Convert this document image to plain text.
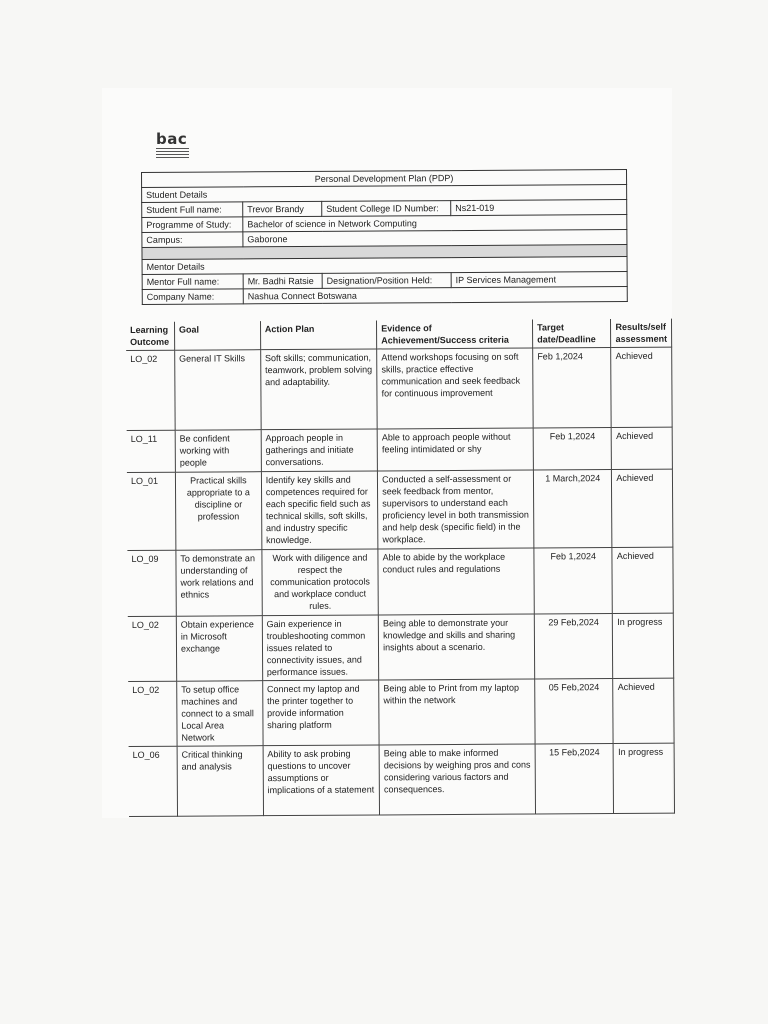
bac
Personal Development Plan (PDP)			
Student Details			
Student Full name:	Trevor Brandy	Student College ID Number:	Ns21-019
Programme of Study:	Bachelor of science in Network Computing		
Campus:	Gaborone		

Mentor Details			
Mentor Full name:	Mr. Badhi Ratsie	Designation/Position Held:	IP Services Management
Company Name:	Nashua Connect Botswana		
Learning Outcome	Goal	Action Plan	Evidence of Achievement/Success criteria	Target date/Deadline	Results/self assessment
LO_02	General IT Skills	Soft skills; communication, teamwork, problem solving and adaptability.	Attend workshops focusing on soft skills, practice effective communication and seek feedback for continuous improvement	Feb 1,2024	Achieved
LO_11	Be confident working with people	Approach people in gatherings and initiate conversations.	Able to approach people without feeling intimidated or shy	Feb 1,2024	Achieved
LO_01	Practical skills appropriate to a discipline or profession	Identify key skills and competences required for each specific field such as technical skills, soft skills, and industry specific knowledge.	Conducted a self-assessment or seek feedback from mentor, supervisors to understand each proficiency level in both transmission and help desk (specific field) in the workplace.	1 March,2024	Achieved
LO_09	To demonstrate an understanding of work relations and ethnics	Work with diligence and respect the communication protocols and workplace conduct rules.	Able to abide by the workplace conduct rules and regulations	Feb 1,2024	Achieved
LO_02	Obtain experience in Microsoft exchange	Gain experience in troubleshooting common issues related to connectivity issues, and performance issues.	Being able to demonstrate your knowledge and skills and sharing insights about a scenario.	29 Feb,2024	In progress
LO_02	To setup office machines and connect to a small Local Area Network	Connect my laptop and the printer together to provide information sharing platform	Being able to Print from my laptop within the network	05 Feb,2024	Achieved
LO_06	Critical thinking and analysis	Ability to ask probing questions to uncover assumptions or implications of a statement	Being able to make informed decisions by weighing pros and cons considering various factors and consequences.	15 Feb,2024	In progress
